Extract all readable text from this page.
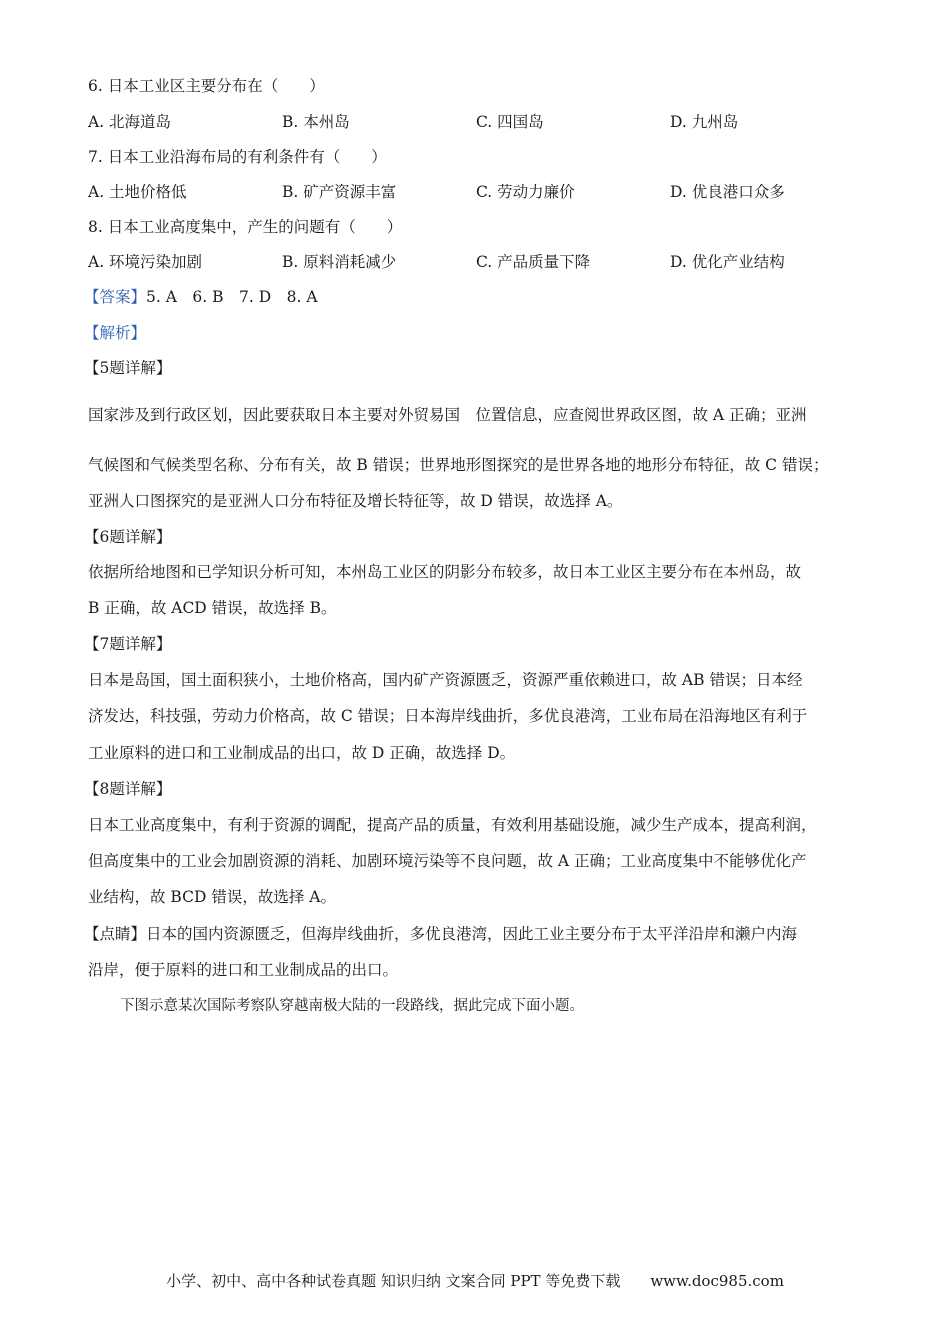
6. 日本工业区主要分布在（　　）
A. 北海道岛	B. 本州岛	C. 四国岛	D. 九州岛
7. 日本工业沿海布局的有利条件有（　　）
A. 土地价格低	B. 矿产资源丰富	C. 劳动力廉价	D. 优良港口众多
8. 日本工业高度集中，产生的问题有（　　）
A. 环境污染加剧	B. 原料消耗减少	C. 产品质量下降	D. 优化产业结构
【答案】5. A　6. B　7. D　8. A
【解析】
【5题详解】
国家涉及到行政区划，因此要获取日本主要对外贸易国　位置信息，应查阅世界政区图，故 A 正确；亚洲
气候图和气候类型名称、分布有关，故 B 错误；世界地形图探究的是世界各地的地形分布特征，故 C 错误；
亚洲人口图探究的是亚洲人口分布特征及增长特征等，故 D 错误，故选择 A。
【6题详解】
依据所给地图和已学知识分析可知，本州岛工业区的阴影分布较多，故日本工业区主要分布在本州岛，故
B 正确，故 ACD 错误，故选择 B。
【7题详解】
日本是岛国，国土面积狭小，土地价格高，国内矿产资源匮乏，资源严重依赖进口，故 AB 错误；日本经
济发达，科技强，劳动力价格高，故 C 错误；日本海岸线曲折，多优良港湾，工业布局在沿海地区有利于
工业原料的进口和工业制成品的出口，故 D 正确，故选择 D。
【8题详解】
日本工业高度集中，有利于资源的调配，提高产品的质量，有效利用基础设施，减少生产成本，提高利润，
但高度集中的工业会加剧资源的消耗、加剧环境污染等不良问题，故 A 正确；工业高度集中不能够优化产
业结构，故 BCD 错误，故选择 A。
【点睛】日本的国内资源匮乏，但海岸线曲折，多优良港湾，因此工业主要分布于太平洋沿岸和濑户内海
沿岸，便于原料的进口和工业制成品的出口。
下图示意某次国际考察队穿越南极大陆的一段路线，据此完成下面小题。
小学、初中、高中各种试卷真题 知识归纳 文案合同 PPT 等免费下载　　www.doc985.com
